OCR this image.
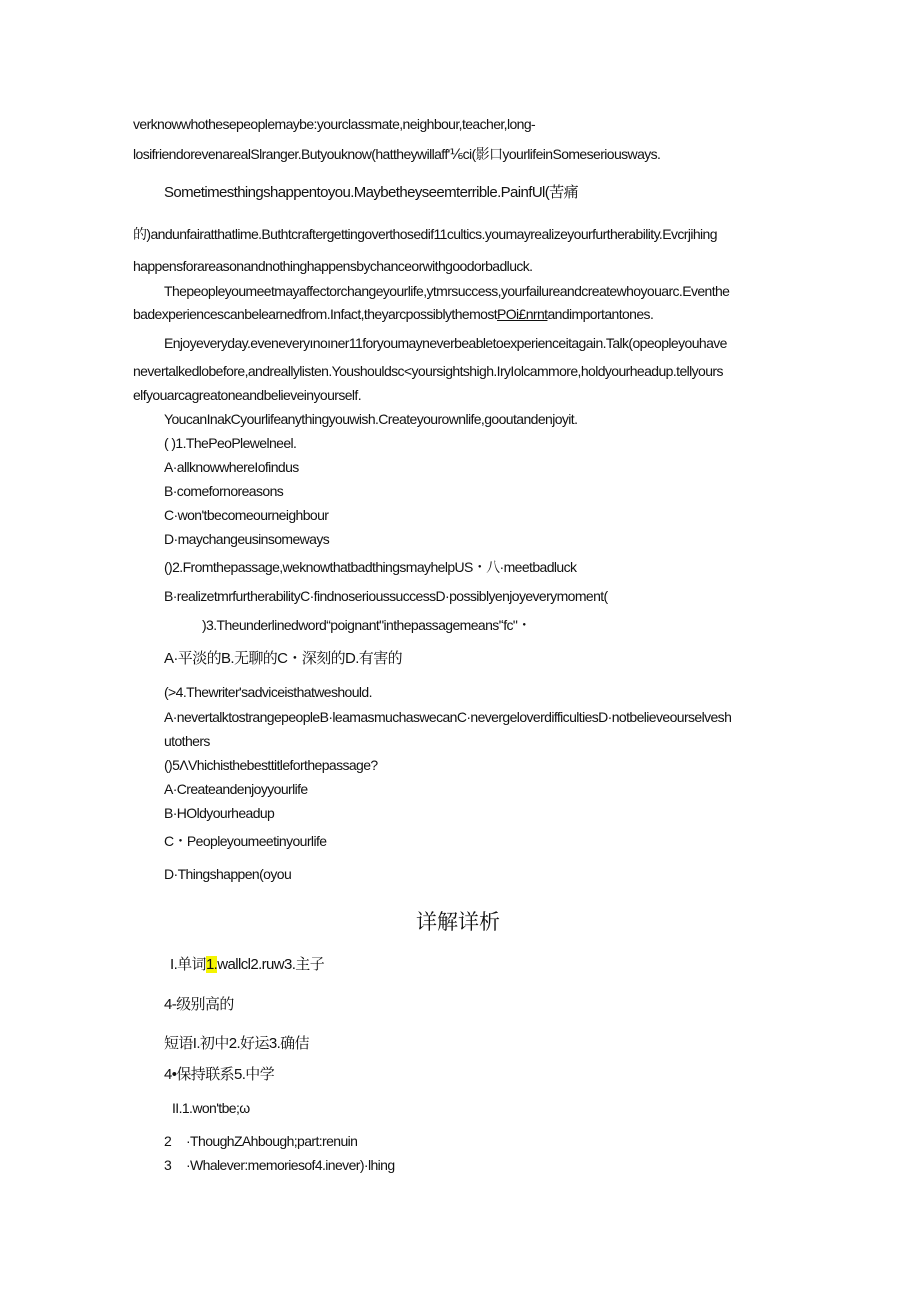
verknowwhothesepeoplemaybe:yourclassmate,neighbour,teacher,long-
losifriendorevenarealSlranger.Butyouknow(hattheywillaff'⅙ci(影口yourlifeinSomeseriousways.
Sometimesthingshappentoyou.Maybetheyseemterrible.PainfUl(苦痛
的)andunfairatthatlime.Buthtcraftergettingoverthosedif11cultics.youmayrealizeyourfurtherability.Evcrjihing
happensforareasonandnothinghappensbychanceorwithgoodorbadluck.
Thepeopleyoumeetmayaffectorchangeyourlife,ytmrsuccess,yourfailureandcreatewhoyouarc.Eventhe
badexperiencescanbelearnedfrom.Infact,theyarcpossiblythemostPOi£nrntandimportantones.
Enjoyeveryday.eveneveryınoıner11foryoumayneverbeabletoexperienceitagain.Talk(opeopleyouhave
nevertalkedlobefore,andreallylisten.Youshouldsc<yoursightshigh.IryIolcammore,holdyourheadup.tellyours
elfyouarcagreatoneandbelieveinyourself.
YoucanInakCyourlifeanythingyouwish.Createyourownlife,gooutandenjoyit.
( )1.ThePeoPlewelneel.
A·allknowwhereIofindus
B·comefornoreasons
C·won'tbecomeourneighbour
D·maychangeusinsomeways
()2.Fromthepassage,weknowthatbadthingsmayhelpUS・八·meetbadluck
B·realizetmrfurtherabilityC·findnoserioussuccessD·possiblyenjoyeverymoment(
)3.Theunderlinedword“poignant"inthepassagemeans'ʻfc"・
A·平淡的B.无聊的C・深刻的D.有害的
(>4.Thewriter'sadviceisthatweshould.
A·nevertalktostrangepeopleB·leamasmuchaswecanC·nevergeloverdifficultiesD·notbelieveourselvesh
utothers
()5ΛVhichisthebesttitleforthepassage?
A·Createandenjoyyourlife
B·HOldyourheadup
C・Peopleyoumeetinyourlife
D·Thingshappen(oyou
详解详析
I.单词1.wallcl2.ruw3.主子
4-级别高的
短语I.初中2.好运3.确佶
4•保持联系5.中学
II.1.won'tbe;ω
2 ·ThoughZAhbough;part:renuin
3 ·Whalever:memoriesof4.inever)·lhing
